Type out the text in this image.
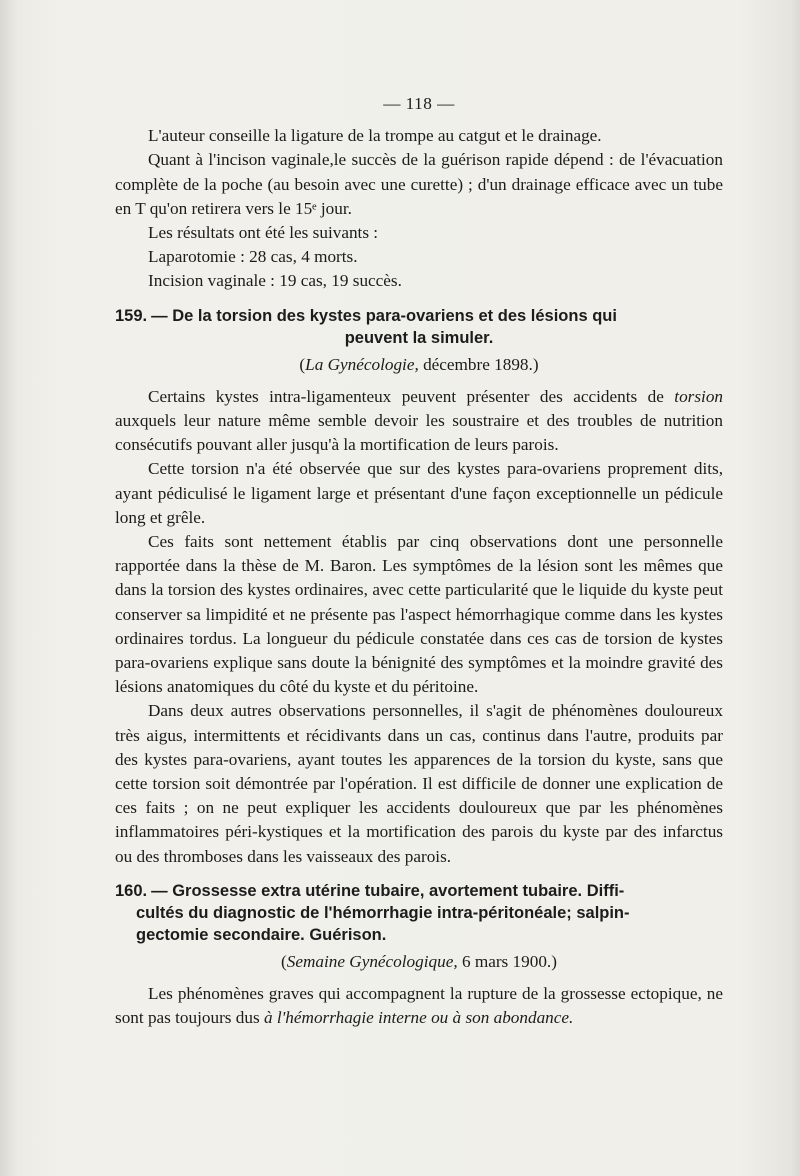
— 118 —

L'auteur conseille la ligature de la trompe au catgut et le drainage.

Quant à l'incison vaginale,le succès de la guérison rapide dépend : de l'évacuation complète de la poche (au besoin avec une curette) ; d'un drainage efficace avec un tube en T qu'on retirera vers le 15ᵉ jour.

Les résultats ont été les suivants :
Laparotomie : 28 cas, 4 morts.
Incision vaginale : 19 cas, 19 succès.
159. — De la torsion des kystes para-ovariens et des lésions qui
peuvent la simuler.
(La Gynécologie, décembre 1898.)

Certains kystes intra-ligamenteux peuvent présenter des accidents de torsion auxquels leur nature même semble devoir les soustraire et des troubles de nutrition consécutifs pouvant aller jusqu'à la mortification de leurs parois.

Cette torsion n'a été observée que sur des kystes para-ovariens proprement dits, ayant pédiculisé le ligament large et présentant d'une façon exceptionnelle un pédicule long et grêle.

Ces faits sont nettement établis par cinq observations dont une personnelle rapportée dans la thèse de M. Baron. Les symptômes de la lésion sont les mêmes que dans la torsion des kystes ordinaires, avec cette particularité que le liquide du kyste peut conserver sa limpidité et ne présente pas l'aspect hémorrhagique comme dans les kystes ordinaires tordus. La longueur du pédicule constatée dans ces cas de torsion de kystes para-ovariens explique sans doute la bénignité des symptômes et la moindre gravité des lésions anatomiques du côté du kyste et du péritoine.

Dans deux autres observations personnelles, il s'agit de phénomènes douloureux très aigus, intermittents et récidivants dans un cas, continus dans l'autre, produits par des kystes para-ovariens, ayant toutes les apparences de la torsion du kyste, sans que cette torsion soit démontrée par l'opération. Il est difficile de donner une explication de ces faits ; on ne peut expliquer les accidents douloureux que par les phénomènes inflammatoires péri-kystiques et la mortification des parois du kyste par des infarctus ou des thromboses dans les vaisseaux des parois.

160. — Grossesse extra utérine tubaire, avortement tubaire. Diffi-
cultés du diagnostic de l'hémorrhagie intra-péritonéale; salpin-
gectomie secondaire. Guérison.
(Semaine Gynécologique, 6 mars 1900.)

Les phénomènes graves qui accompagnent la rupture de la grossesse ectopique, ne sont pas toujours dus à l'hémorrhagie interne ou à son abondance.
